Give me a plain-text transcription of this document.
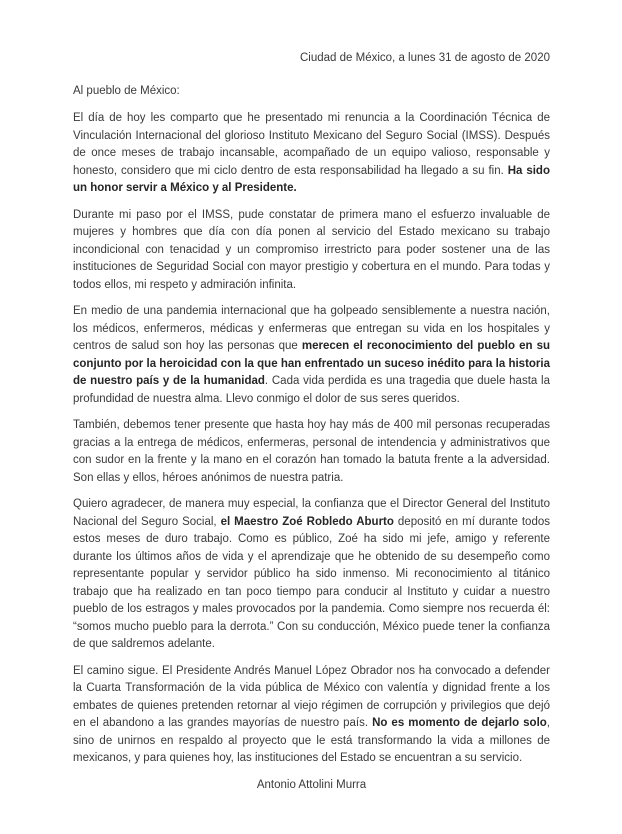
Ciudad de México, a lunes 31 de agosto de 2020
Al pueblo de México:

El día de hoy les comparto que he presentado mi renuncia a la Coordinación Técnica de Vinculación Internacional del glorioso Instituto Mexicano del Seguro Social (IMSS). Después de once meses de trabajo incansable, acompañado de un equipo valioso, responsable y honesto, considero que mi ciclo dentro de esta responsabilidad ha llegado a su fin. Ha sido un honor servir a México y al Presidente.

Durante mi paso por el IMSS, pude constatar de primera mano el esfuerzo invaluable de mujeres y hombres que día con día ponen al servicio del Estado mexicano su trabajo incondicional con tenacidad y un compromiso irrestricto para poder sostener una de las instituciones de Seguridad Social con mayor prestigio y cobertura en el mundo. Para todas y todos ellos, mi respeto y admiración infinita.

En medio de una pandemia internacional que ha golpeado sensiblemente a nuestra nación, los médicos, enfermeros, médicas y enfermeras que entregan su vida en los hospitales y centros de salud son hoy las personas que merecen el reconocimiento del pueblo en su conjunto por la heroicidad con la que han enfrentado un suceso inédito para la historia de nuestro país y de la humanidad. Cada vida perdida es una tragedia que duele hasta la profundidad de nuestra alma. Llevo conmigo el dolor de sus seres queridos.

También, debemos tener presente que hasta hoy hay más de 400 mil personas recuperadas gracias a la entrega de médicos, enfermeras, personal de intendencia y administrativos que con sudor en la frente y la mano en el corazón han tomado la batuta frente a la adversidad. Son ellas y ellos, héroes anónimos de nuestra patria.

Quiero agradecer, de manera muy especial, la confianza que el Director General del Instituto Nacional del Seguro Social, el Maestro Zoé Robledo Aburto depositó en mí durante todos estos meses de duro trabajo. Como es público, Zoé ha sido mi jefe, amigo y referente durante los últimos años de vida y el aprendizaje que he obtenido de su desempeño como representante popular y servidor público ha sido inmenso. Mi reconocimiento al titánico trabajo que ha realizado en tan poco tiempo para conducir al Instituto y cuidar a nuestro pueblo de los estragos y males provocados por la pandemia. Como siempre nos recuerda él: “somos mucho pueblo para la derrota.” Con su conducción, México puede tener la confianza de que saldremos adelante.

El camino sigue. El Presidente Andrés Manuel López Obrador nos ha convocado a defender la Cuarta Transformación de la vida pública de México con valentía y dignidad frente a los embates de quienes pretenden retornar al viejo régimen de corrupción y privilegios que dejó en el abandono a las grandes mayorías de nuestro país. No es momento de dejarlo solo, sino de unirnos en respaldo al proyecto que le está transformando la vida a millones de mexicanos, y para quienes hoy, las instituciones del Estado se encuentran a su servicio.

Antonio Attolini Murra
